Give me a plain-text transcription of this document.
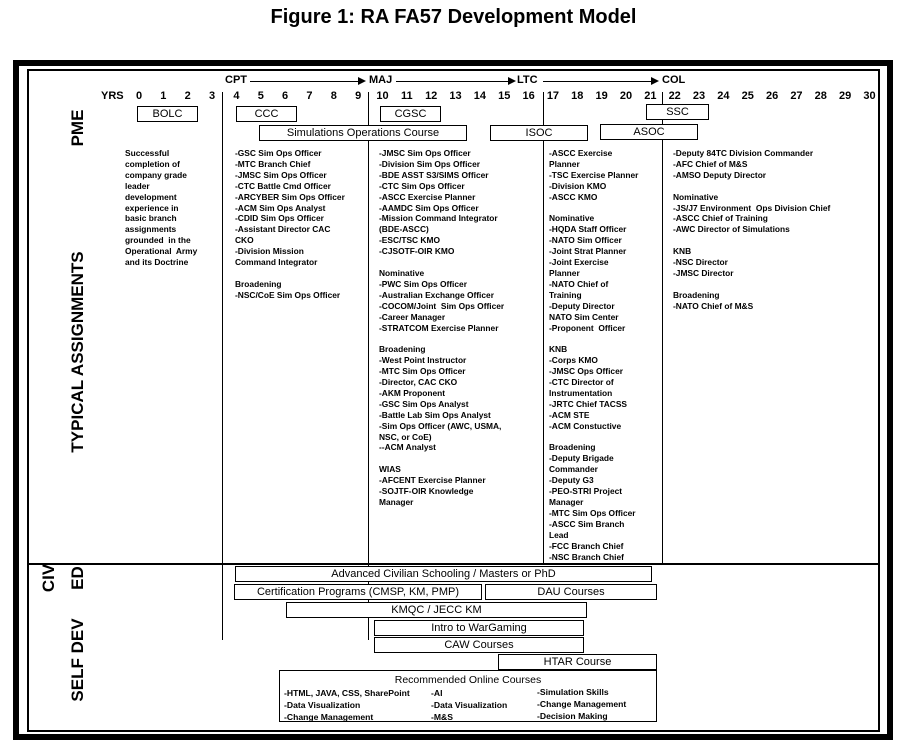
Figure 1: RA FA57 Development Model
CPT	MAJ	LTC	COL
YRS	0	1	2	3	4	5	6	7	8	9	10	11	12	13	14	15	16	17	18	19	20	21	22	23	24	25	26	27	28	29	30
PME
TYPICAL ASSIGNMENTS
CIV ED
SELF DEV
BOLC	CCC	CGSC	SSC
Simulations Operations Course	ISOC	ASOC
Successful
completion of
company grade
leader
development
experience in
basic branch
assignments
grounded  in the
Operational  Army
and its Doctrine
-GSC Sim Ops Officer
-MTC Branch Chief
-JMSC Sim Ops Officer
-CTC Battle Cmd Officer
-ARCYBER Sim Ops Officer
-ACM Sim Ops Analyst
-CDID Sim Ops Officer
-Assistant Director CAC
CKO
-Division Mission
Command Integrator

Broadening
-NSC/CoE Sim Ops Officer
-JMSC Sim Ops Officer
-Division Sim Ops Officer
-BDE ASST S3/SIMS Officer
-CTC Sim Ops Officer
-ASCC Exercise Planner
-AAMDC Sim Ops Officer
-Mission Command Integrator
(BDE-ASCC)
-ESC/TSC KMO
-CJSOTF-OIR KMO

Nominative
-PWC Sim Ops Officer
-Australian Exchange Officer
-COCOM/Joint  Sim Ops Officer
-Career Manager
-STRATCOM Exercise Planner

Broadening
-West Point Instructor
-MTC Sim Ops Officer
-Director, CAC CKO
-AKM Proponent
-GSC Sim Ops Analyst
-Battle Lab Sim Ops Analyst
-Sim Ops Officer (AWC, USMA,
NSC, or CoE)
--ACM Analyst

WIAS
-AFCENT Exercise Planner
-SOJTF-OIR Knowledge
Manager
-ASCC Exercise
Planner
-TSC Exercise Planner
-Division KMO
-ASCC KMO

Nominative
-HQDA Staff Officer
-NATO Sim Officer
-Joint Strat Planner
-Joint Exercise
Planner
-NATO Chief of
Training
-Deputy Director
NATO Sim Center
-Proponent  Officer

KNB
-Corps KMO
-JMSC Ops Officer
-CTC Director of
Instrumentation
-JRTC Chief TACSS
-ACM STE
-ACM Constuctive

Broadening
-Deputy Brigade
Commander
-Deputy G3
-PEO-STRI Project
Manager
-MTC Sim Ops Officer
-ASCC Sim Branch
Lead
-FCC Branch Chief
-NSC Branch Chief
-Deputy 84TC Division Commander
-AFC Chief of M&S
-AMSO Deputy Director

Nominative
-JS/J7 Environment  Ops Division Chief
-ASCC Chief of Training
-AWC Director of Simulations

KNB
-NSC Director
-JMSC Director

Broadening
-NATO Chief of M&S
Advanced Civilian Schooling / Masters or PhD
Certification Programs (CMSP, KM, PMP)	DAU Courses
KMQC / JECC KM
Intro to WarGaming
CAW Courses
HTAR Course
Recommended Online Courses
-HTML, JAVA, CSS, SharePoint
-Data Visualization
-Change Management
-AI
-Data Visualization
-M&S
-Simulation Skills
-Change Management
-Decision Making
